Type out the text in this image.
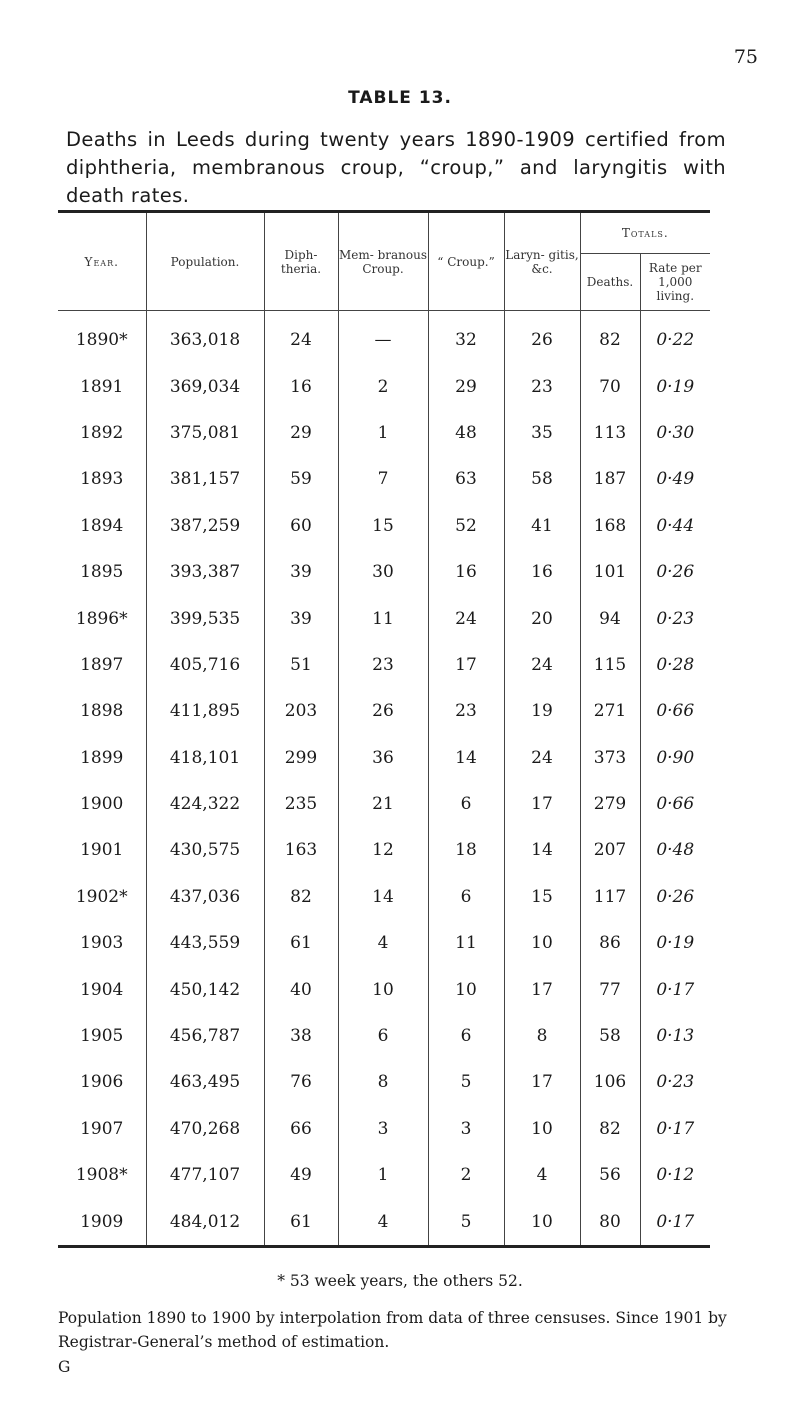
75
TABLE 13.
Deaths in Leeds during twenty years 1890-1909 certified from diphtheria, membranous croup, “croup,” and laryngitis with death rates.
Year.	Population.	Diph- theria.	Mem- branous Croup.	“ Croup.”	Laryn- gitis, &c.	Totals.	
						Deaths.	Rate per 1,000 living.
1890*	363,018	24	—	32	26	82	0·22
1891	369,034	16	2	29	23	70	0·19
1892	375,081	29	1	48	35	113	0·30
1893	381,157	59	7	63	58	187	0·49
1894	387,259	60	15	52	41	168	0·44
1895	393,387	39	30	16	16	101	0·26
1896*	399,535	39	11	24	20	94	0·23
1897	405,716	51	23	17	24	115	0·28
1898	411,895	203	26	23	19	271	0·66
1899	418,101	299	36	14	24	373	0·90
1900	424,322	235	21	6	17	279	0·66
1901	430,575	163	12	18	14	207	0·48
1902*	437,036	82	14	6	15	117	0·26
1903	443,559	61	4	11	10	86	0·19
1904	450,142	40	10	10	17	77	0·17
1905	456,787	38	6	6	8	58	0·13
1906	463,495	76	8	5	17	106	0·23
1907	470,268	66	3	3	10	82	0·17
1908*	477,107	49	1	2	4	56	0·12
1909	484,012	61	4	5	10	80	0·17
* 53 week years, the others 52.
Population 1890 to 1900 by interpolation from data of three censuses. Since 1901 by Registrar-General’s method of estimation.
G
